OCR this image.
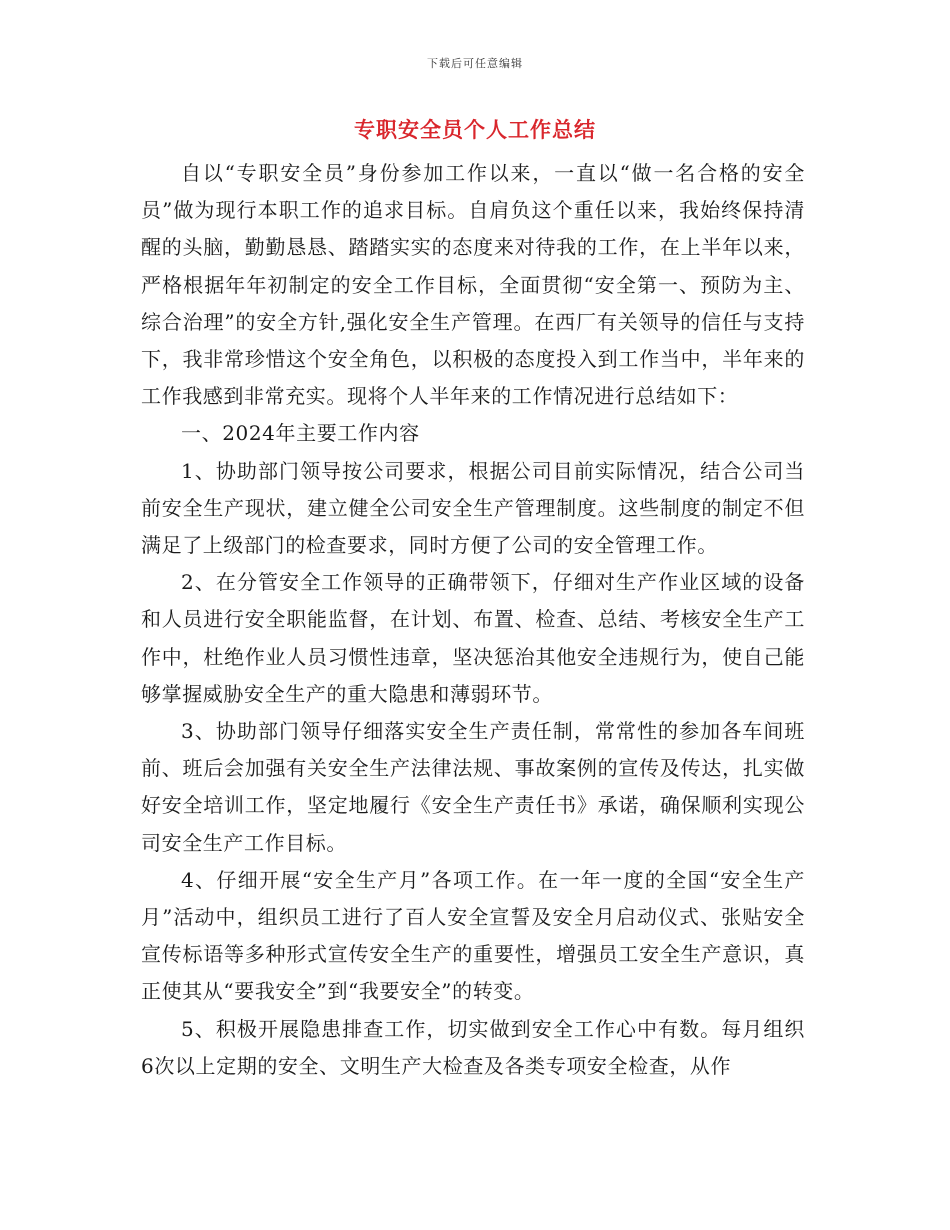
下载后可任意编辑
专职安全员个人工作总结

自以“专职安全员”身份参加工作以来，一直以“做一名合格的安全员”做为现行本职工作的追求目标。自肩负这个重任以来，我始终保持清醒的头脑，勤勤恳恳、踏踏实实的态度来对待我的工作，在上半年以来，严格根据年年初制定的安全工作目标，全面贯彻“安全第一、预防为主、综合治理”的安全方针,强化安全生产管理。在西厂有关领导的信任与支持下，我非常珍惜这个安全角色，以积极的态度投入到工作当中，半年来的工作我感到非常充实。现将个人半年来的工作情况进行总结如下：

一、2024年主要工作内容

1、协助部门领导按公司要求，根据公司目前实际情况，结合公司当前安全生产现状，建立健全公司安全生产管理制度。这些制度的制定不但满足了上级部门的检查要求，同时方便了公司的安全管理工作。

2、在分管安全工作领导的正确带领下，仔细对生产作业区域的设备和人员进行安全职能监督，在计划、布置、检查、总结、考核安全生产工作中，杜绝作业人员习惯性违章，坚决惩治其他安全违规行为，使自己能够掌握威胁安全生产的重大隐患和薄弱环节。

3、协助部门领导仔细落实安全生产责任制，常常性的参加各车间班前、班后会加强有关安全生产法律法规、事故案例的宣传及传达，扎实做好安全培训工作，坚定地履行《安全生产责任书》承诺，确保顺利实现公司安全生产工作目标。

4、仔细开展“安全生产月”各项工作。在一年一度的全国“安全生产月”活动中，组织员工进行了百人安全宣誓及安全月启动仪式、张贴安全宣传标语等多种形式宣传安全生产的重要性，增强员工安全生产意识，真正使其从“要我安全”到“我要安全”的转变。

5、积极开展隐患排查工作，切实做到安全工作心中有数。每月组织6次以上定期的安全、文明生产大检查及各类专项安全检查，从作
